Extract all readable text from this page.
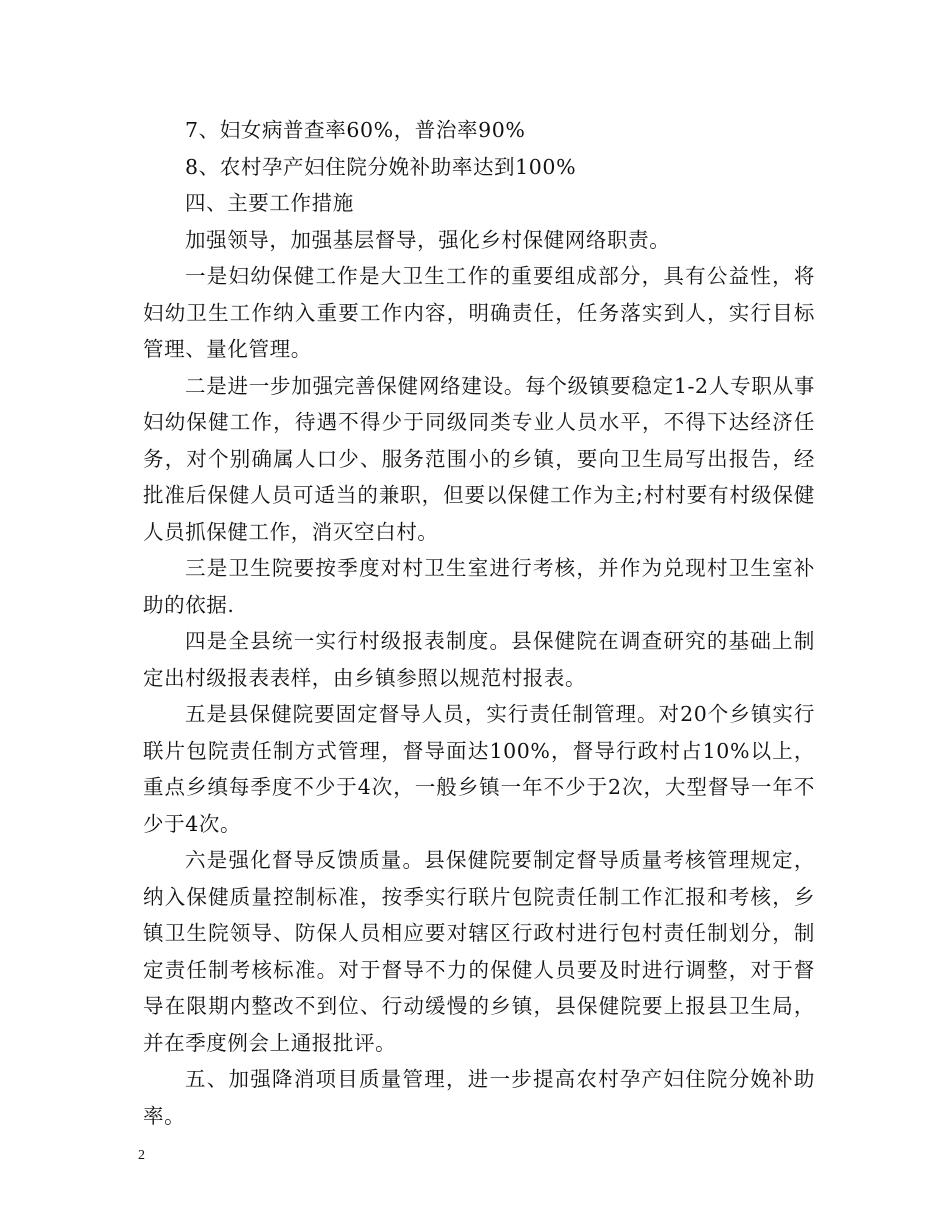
7、妇女病普查率60%，普治率90%

8、农村孕产妇住院分娩补助率达到100%

四、主要工作措施

加强领导，加强基层督导，强化乡村保健网络职责。

一是妇幼保健工作是大卫生工作的重要组成部分，具有公益性，将妇幼卫生工作纳入重要工作内容，明确责任，任务落实到人，实行目标管理、量化管理。

二是进一步加强完善保健网络建设。每个级镇要稳定1-2人专职从事妇幼保健工作，待遇不得少于同级同类专业人员水平，不得下达经济任务，对个别确属人口少、服务范围小的乡镇，要向卫生局写出报告，经批准后保健人员可适当的兼职，但要以保健工作为主;村村要有村级保健人员抓保健工作，消灭空白村。

三是卫生院要按季度对村卫生室进行考核，并作为兑现村卫生室补助的依据.

四是全县统一实行村级报表制度。县保健院在调查研究的基础上制定出村级报表表样，由乡镇参照以规范村报表。

五是县保健院要固定督导人员，实行责任制管理。对20个乡镇实行联片包院责任制方式管理，督导面达100%，督导行政村占10%以上，重点乡缜每季度不少于4次，一般乡镇一年不少于2次，大型督导一年不少于4次。

六是强化督导反馈质量。县保健院要制定督导质量考核管理规定，纳入保健质量控制标准，按季实行联片包院责任制工作汇报和考核，乡镇卫生院领导、防保人员相应要对辖区行政村进行包村责任制划分，制定责任制考核标准。对于督导不力的保健人员要及时进行调整，对于督导在限期内整改不到位、行动缓慢的乡镇，县保健院要上报县卫生局，并在季度例会上通报批评。

五、加强降消项目质量管理，进一步提高农村孕产妇住院分娩补助率。

2
